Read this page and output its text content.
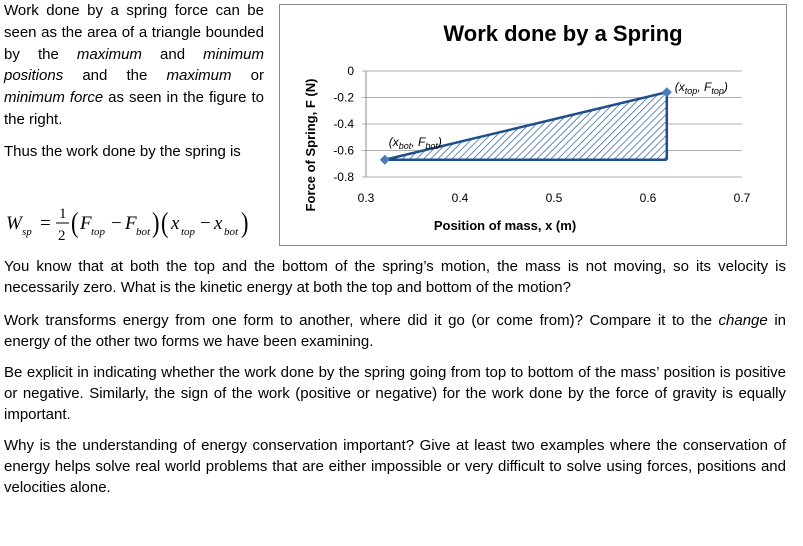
Work done by a spring force can be seen as the area of a triangle bounded by the maximum and minimum positions and the maximum or minimum force as seen in the figure to the right.

Thus the work done by the spring is

W sp = 1
2 ( F top − F bot ) ( x top − x bot )
Work done by a Spring
0
-0.2
-0.4
-0.6
-0.8
0.3	0.4	0.5	0.6	0.7
($x_{bot}$, $F_{bot}$)
($x_{top}$, $F_{top}$)
Position of mass, x (m)
Force of Spring, F (N)

You know that at both the top and the bottom of the spring’s motion, the mass is not moving, so its velocity is necessarily zero. What is the kinetic energy at both the top and bottom of the motion?

Work transforms energy from one form to another, where did it go (or come from)? Compare it to the change in energy of the other two forms we have been examining.

Be explicit in indicating whether the work done by the spring going from top to bottom of the mass’ position is positive or negative. Similarly, the sign of the work (positive or negative) for the work done by the force of gravity is equally important.

Why is the understanding of energy conservation important? Give at least two examples where the conservation of energy helps solve real world problems that are either impossible or very difficult to solve using forces, positions and velocities alone.
